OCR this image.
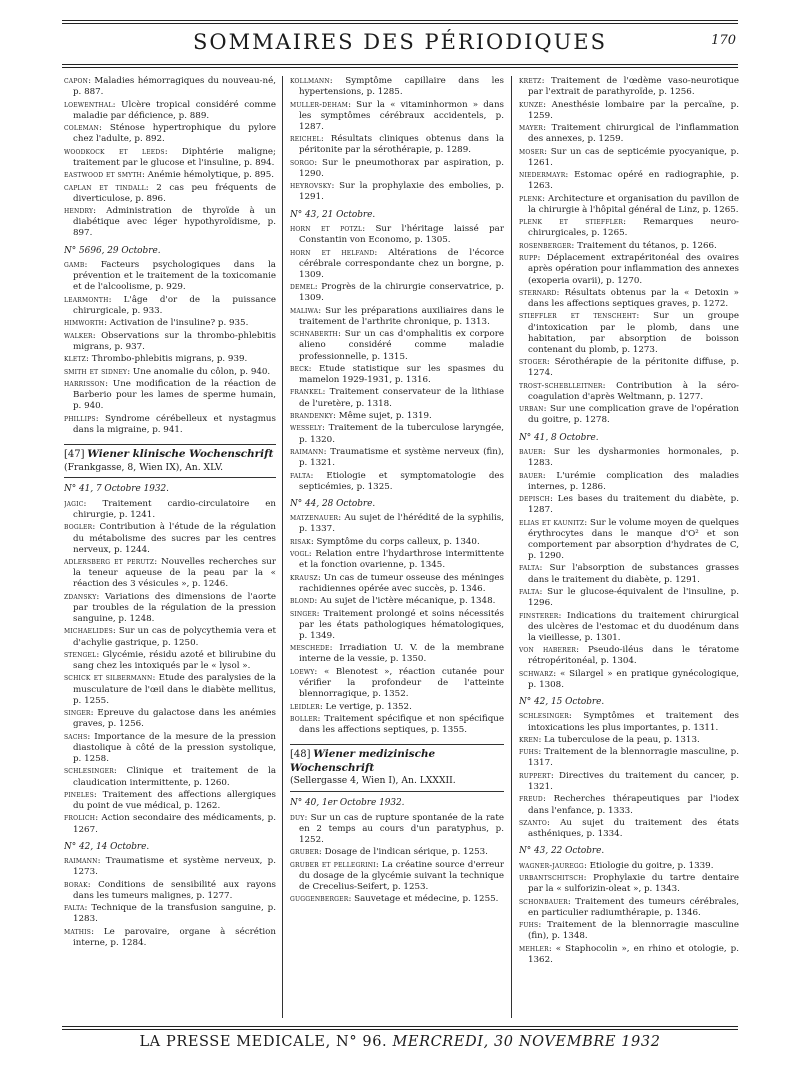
SOMMAIRES DES PÉRIODIQUES	170

capon: Maladies hémorragiques du nouveau-né, p. 887.

loewenthal: Ulcère tropical considéré comme maladie par déficience, p. 889.

coleman: Sténose hypertrophique du pylore chez l'adulte, p. 892.

woodkock et leeds: Diphtérie maligne; traitement par le glucose et l'insuline, p. 894.

eastwood et smyth: Anémie hémolytique, p. 895.

caplan et tindall: 2 cas peu fréquents de diverticulose, p. 896.

hendry: Administration de thyroïde à un diabétique avec léger hypothyroïdisme, p. 897.

N° 5696, 29 Octobre.

gamb: Facteurs psychologiques dans la prévention et le traitement de la toxicomanie et de l'alcoolisme, p. 929.

learmonth: L'âge d'or de la puissance chirurgicale, p. 933.

himworth: Activation de l'insuline? p. 935.

walker: Observations sur la thrombo-phlebitis migrans, p. 937.

kletz: Thrombo-phlebitis migrans, p. 939.

smith et sidney: Une anomalie du côlon, p. 940.

harrisson: Une modification de la réaction de Barberio pour les lames de sperme humain, p. 940.

phillips: Syndrome cérébelleux et nystagmus dans la migraine, p. 941.

[47] Wiener klinische Wochenschrift
(Frankgasse, 8, Wien IX), An. XLV.
N° 41, 7 Octobre 1932.

jagic: Traitement cardio-circulatoire en chirurgie, p. 1241.

bogler: Contribution à l'étude de la régulation du métabolisme des sucres par les centres nerveux, p. 1244.

adlersberg et perutz: Nouvelles recherches sur la teneur aqueuse de la peau par la « réaction des 3 vésicules », p. 1246.

zdansky: Variations des dimensions de l'aorte par troubles de la régulation de la pression sanguine, p. 1248.

michaelides: Sur un cas de polycythemia vera et d'achylie gastrique, p. 1250.

stengel: Glycémie, résidu azoté et bilirubine du sang chez les intoxiqués par le « lysol ».

schick et silbermann: Etude des paralysies de la musculature de l'œil dans le diabète mellitus, p. 1255.

singer: Epreuve du galactose dans les anémies graves, p. 1256.

sachs: Importance de la mesure de la pression diastolique à côté de la pression systolique, p. 1258.

schlesinger: Clinique et traitement de la claudication intermittente, p. 1260.

pineles: Traitement des affections allergiques du point de vue médical, p. 1262.

frolich: Action secondaire des médicaments, p. 1267.

N° 42, 14 Octobre.

raimann: Traumatisme et système nerveux, p. 1273.

borak: Conditions de sensibilité aux rayons dans les tumeurs malignes, p. 1277.

falta: Technique de la transfusion sanguine, p. 1283.

mathis: Le parovaire, organe à sécrétion interne, p. 1284.

kollmann: Symptôme capillaire dans les hypertensions, p. 1285.

muller-deham: Sur la « vitaminhormon » dans les symptômes cérébraux accidentels, p. 1287.

reichel: Résultats cliniques obtenus dans la péritonite par la sérothérapie, p. 1289.

sorgo: Sur le pneumothorax par aspiration, p. 1290.

heyrovsky: Sur la prophylaxie des embolies, p. 1291.

N° 43, 21 Octobre.

horn et potzl: Sur l'héritage laissé par Constantin von Economo, p. 1305.

horn et helfand: Altérations de l'écorce cérébrale correspondante chez un borgne, p. 1309.

demel: Progrès de la chirurgie conservatrice, p. 1309.

maliwa: Sur les préparations auxiliaires dans le traitement de l'arthrite chronique, p. 1313.

schnaberth: Sur un cas d'omphalitis ex corpore alieno considéré comme maladie professionnelle, p. 1315.

beck: Etude statistique sur les spasmes du mamelon 1929-1931, p. 1316.

frankel: Traitement conservateur de la lithiase de l'uretère, p. 1318.

brandenky: Même sujet, p. 1319.

wessely: Traitement de la tuberculose laryngée, p. 1320.

raimann: Traumatisme et système nerveux (fin), p. 1321.

falta: Etiologie et symptomatologie des septicémies, p. 1325.

N° 44, 28 Octobre.

matzenauer: Au sujet de l'hérédité de la syphilis, p. 1337.

risak: Symptôme du corps calleux, p. 1340.

vogl: Relation entre l'hydarthrose intermittente et la fonction ovarienne, p. 1345.

krausz: Un cas de tumeur osseuse des méninges rachidiennes opérée avec succès, p. 1346.

blond: Au sujet de l'ictère mécanique, p. 1348.

singer: Traitement prolongé et soins nécessités par les états pathologiques hématologiques, p. 1349.

meschede: Irradiation U. V. de la membrane interne de la vessie, p. 1350.

loewy: « Blenotest », réaction cutanée pour vérifier la profondeur de l'atteinte blennorragique, p. 1352.

leidler: Le vertige, p. 1352.

boller: Traitement spécifique et non spécifique dans les affections septiques, p. 1355.

[48] Wiener medizinische Wochenschrift
(Sellergasse 4, Wien I), An. LXXXII.
N° 40, 1er Octobre 1932.

duy: Sur un cas de rupture spontanée de la rate en 2 temps au cours d'un paratyphus, p. 1252.

gruber: Dosage de l'indican sérique, p. 1253.

gruber et pellegrini: La créatine source d'erreur du dosage de la glycémie suivant la technique de Crecelius-Seifert, p. 1253.

guggenberger: Sauvetage et médecine, p. 1255.

kretz: Traitement de l'œdème vaso-neurotique par l'extrait de parathyroïde, p. 1256.

kunze: Anesthésie lombaire par la percaïne, p. 1259.

mayer: Traitement chirurgical de l'inflammation des annexes, p. 1259.

moser: Sur un cas de septicémie pyocyanique, p. 1261.

niedermayr: Estomac opéré en radiographie, p. 1263.

plenk: Architecture et organisation du pavillon de la chirurgie à l'hôpital général de Linz, p. 1265.

plenk et stieffler: Remarques neuro-chirurgicales, p. 1265.

rosenberger: Traitement du tétanos, p. 1266.

rupp: Déplacement extrapéritonéal des ovaires après opération pour inflammation des annexes (exoperia ovarii), p. 1270.

sternard: Résultats obtenus par la « Detoxin » dans les affections septiques graves, p. 1272.

stieffler et tenscheht: Sur un groupe d'intoxication par le plomb, dans une habitation, par absorption de boisson contenant du plomb, p. 1273.

stoger: Sérothérapie de la péritonite diffuse, p. 1274.

trost-scheblleitner: Contribution à la séro-coagulation d'après Weltmann, p. 1277.

urban: Sur une complication grave de l'opération du goitre, p. 1278.

N° 41, 8 Octobre.

bauer: Sur les dysharmonies hormonales, p. 1283.

bauer: L'urémie complication des maladies internes, p. 1286.

depisch: Les bases du traitement du diabète, p. 1287.

elias et kaunitz: Sur le volume moyen de quelques érythrocytes dans le manque d'O² et son comportement par absorption d'hydrates de C, p. 1290.

falta: Sur l'absorption de substances grasses dans le traitement du diabète, p. 1291.

falta: Sur le glucose-équivalent de l'insuline, p. 1296.

finsterer: Indications du traitement chirurgical des ulcères de l'estomac et du duodénum dans la vieillesse, p. 1301.

von haberer: Pseudo-iléus dans le tératome rétropéritonéal, p. 1304.

schwarz: « Silargel » en pratique gynécologique, p. 1308.

N° 42, 15 Octobre.

schlesinger: Symptômes et traitement des intoxications les plus importantes, p. 1311.

kren: La tuberculose de la peau, p. 1313.

fuhs: Traitement de la blennorragie masculine, p. 1317.

ruppert: Directives du traitement du cancer, p. 1321.

freud: Recherches thérapeutiques par l'iodex dans l'enfance, p. 1333.

szanto: Au sujet du traitement des états asthéniques, p. 1334.

N° 43, 22 Octobre.

wagner-jauregg: Etiologie du goitre, p. 1339.

urbantschitsch: Prophylaxie du tartre dentaire par la « sulforizin-oleat », p. 1343.

schonbauer: Traitement des tumeurs cérébrales, en particulier radiumthérapie, p. 1346.

fuhs: Traitement de la blennorragie masculine (fin), p. 1348.

mehler: « Staphocolin », en rhino et otologie, p. 1362.

LA PRESSE MEDICALE, N° 96. MERCREDI, 30 NOVEMBRE 1932
